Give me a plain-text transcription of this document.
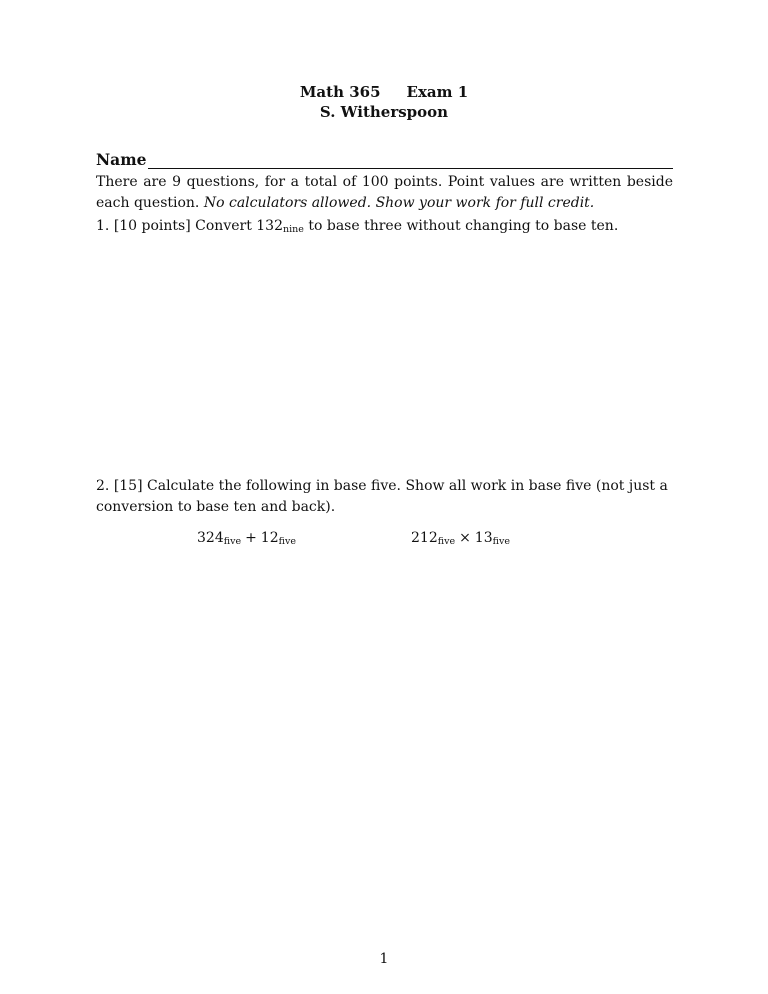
Math 365 Exam 1
S. Witherspoon
Name
There are 9 questions, for a total of 100 points. Point values are written beside each question. No calculators allowed. Show your work for full credit.
1. [10 points] Convert $132_{nine}$ to base three without changing to base ten.
2. [15] Calculate the following in base five. Show all work in base five (not just a conversion to base ten and back).
$324_{five} + 12_{five}$	$212_{five} \times 13_{five}$
1
